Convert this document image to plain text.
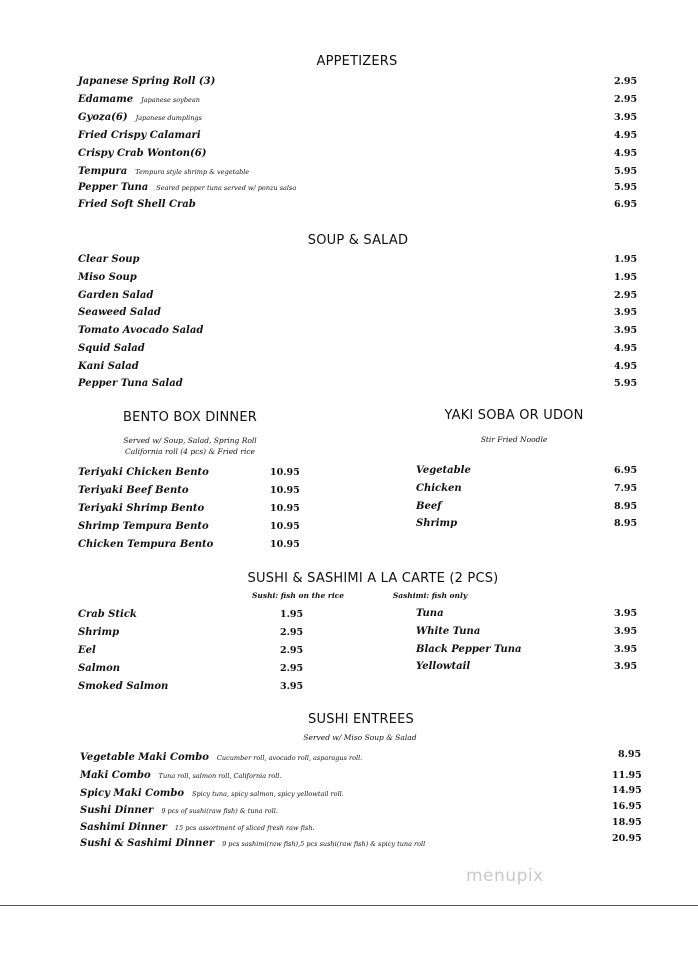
APPETIZERS
Japanese Spring Roll (3)	2.95
Edamame Japanese soybean	2.95
Gyoza(6) Japanese dumplings	3.95
Fried Crispy Calamari	4.95
Crispy Crab Wonton(6)	4.95
Tempura Tempura style shrimp & vegetable	5.95
Pepper Tuna Seared pepper tuna served w/ ponzu salsa	5.95
Fried Soft Shell Crab	6.95
SOUP & SALAD
Clear Soup	1.95
Miso Soup	1.95
Garden Salad	2.95
Seaweed Salad	3.95
Tomato Avocado Salad	3.95
Squid Salad	4.95
Kani Salad	4.95
Pepper Tuna Salad	5.95
BENTO BOX DINNER
Served w/ Soup, Salad, Spring Roll
California roll (4 pcs) & Fried rice
Teriyaki Chicken Bento	10.95
Teriyaki Beef Bento	10.95
Teriyaki Shrimp Bento	10.95
Shrimp Tempura Bento	10.95
Chicken Tempura Bento	10.95
YAKI SOBA OR UDON
Stir Fried Noodle
Vegetable	6.95
Chicken	7.95
Beef	8.95
Shrimp	8.95
SUSHI & SASHIMI A LA CARTE (2 PCS)
Sushi: fish on the rice	Sashimi: fish only
Crab Stick	1.95
Shrimp	2.95
Eel	2.95
Salmon	2.95
Smoked Salmon	3.95
Tuna	3.95
White Tuna	3.95
Black Pepper Tuna	3.95
Yellowtail	3.95
SUSHI ENTREES
Served w/ Miso Soup & Salad
Vegetable Maki Combo Cucumber roll, avocado roll, asparagus roll.	8.95
Maki Combo Tuna roll, salmon roll, California roll.	11.95
Spicy Maki Combo Spicy tuna, spicy salmon, spicy yellowtail roll.	14.95
Sushi Dinner 9 pcs of sushi(raw fish) & tuna roll.	16.95
Sashimi Dinner 15 pcs assortment of sliced fresh raw fish.	18.95
Sushi & Sashimi Dinner 9 pcs sashimi(raw fish),5 pcs sushi(raw fish) & spicy tuna roll	20.95
menupix
